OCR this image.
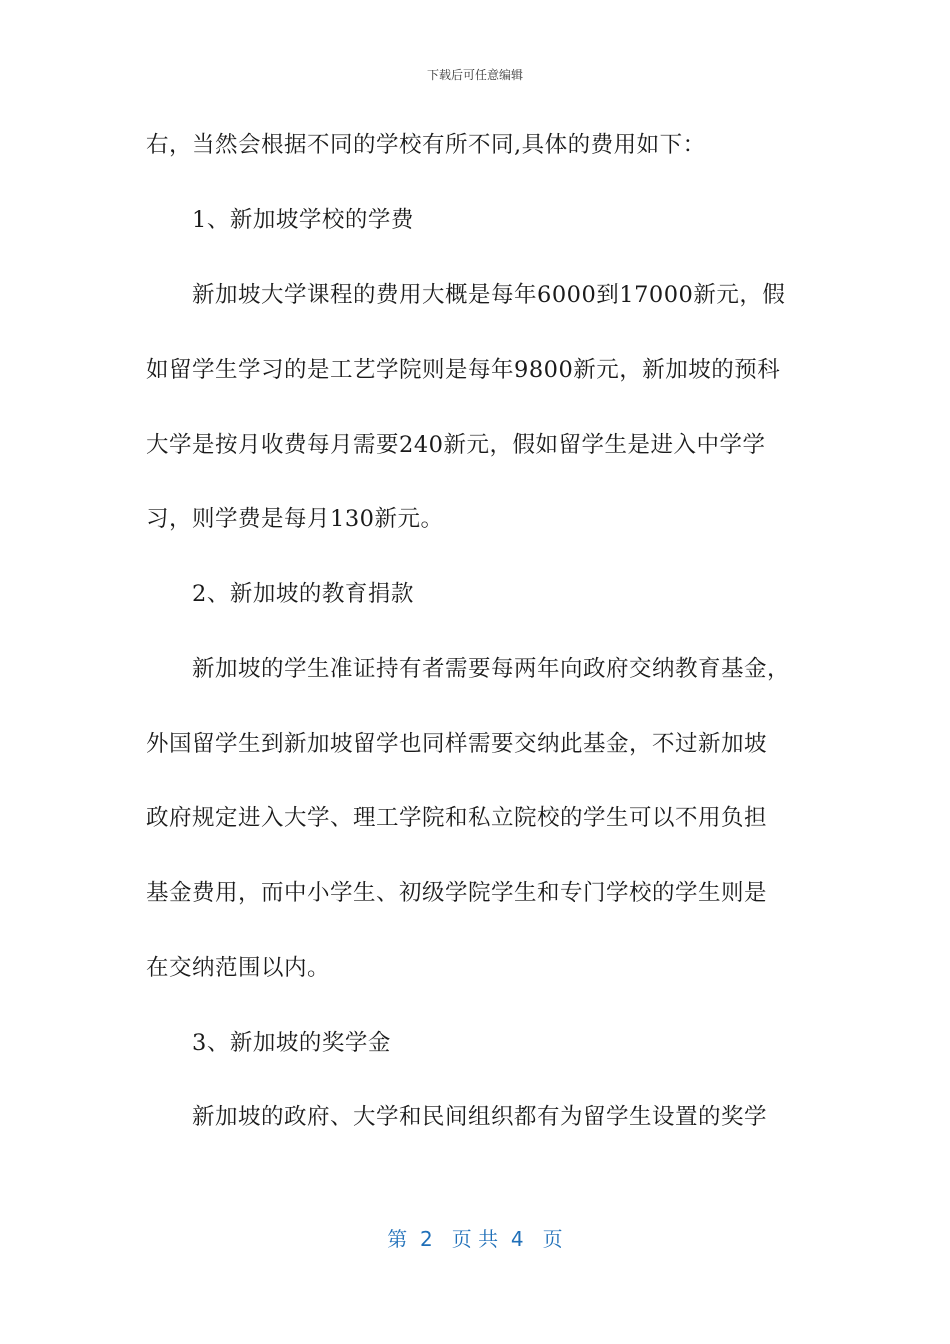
下载后可任意编辑
右，当然会根据不同的学校有所不同,具体的费用如下：
1、新加坡学校的学费
新加坡大学课程的费用大概是每年6000到17000新元，假
如留学生学习的是工艺学院则是每年9800新元，新加坡的预科
大学是按月收费每月需要240新元，假如留学生是进入中学学
习，则学费是每月130新元。
2、新加坡的教育捐款
新加坡的学生准证持有者需要每两年向政府交纳教育基金，
外国留学生到新加坡留学也同样需要交纳此基金，不过新加坡
政府规定进入大学、理工学院和私立院校的学生可以不用负担
基金费用，而中小学生、初级学院学生和专门学校的学生则是
在交纳范围以内。
3、新加坡的奖学金
新加坡的政府、大学和民间组织都有为留学生设置的奖学
第  2   页 共  4   页
